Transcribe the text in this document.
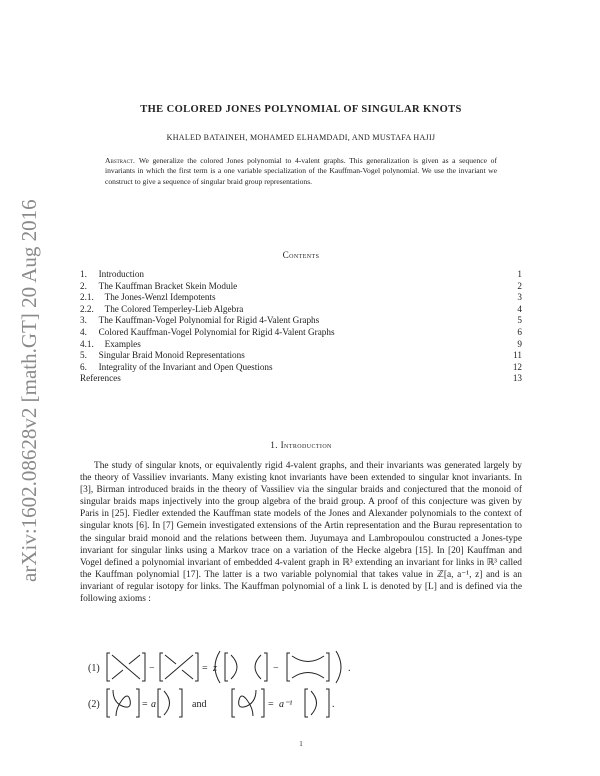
arXiv:1602.08628v2 [math.GT] 20 Aug 2016
THE COLORED JONES POLYNOMIAL OF SINGULAR KNOTS
KHALED BATAINEH, MOHAMED ELHAMDADI, AND MUSTAFA HAJIJ
Abstract. We generalize the colored Jones polynomial to 4-valent graphs. This generalization is given as a sequence of invariants in which the first term is a one variable specialization of the Kauffman-Vogel polynomial. We use the invariant we construct to give a sequence of singular braid group representations.
Contents
1. Introduction	1
2. The Kauffman Bracket Skein Module	2
2.1. The Jones-Wenzl Idempotents	3
2.2. The Colored Temperley-Lieb Algebra	4
3. The Kauffman-Vogel Polynomial for Rigid 4-Valent Graphs	5
4. Colored Kauffman-Vogel Polynomial for Rigid 4-Valent Graphs	6
4.1. Examples	9
5. Singular Braid Monoid Representations	11
6. Integrality of the Invariant and Open Questions	12
References	13
1. Introduction

The study of singular knots, or equivalently rigid 4-valent graphs, and their invariants was generated largely by the theory of Vassiliev invariants. Many existing knot invariants have been extended to singular knot invariants. In [3], Birman introduced braids in the theory of Vassiliev via the singular braids and conjectured that the monoid of singular braids maps injectively into the group algebra of the braid group. A proof of this conjecture was given by Paris in [25]. Fiedler extended the Kauffman state models of the Jones and Alexander polynomials to the context of singular knots [6]. In [7] Gemein investigated extensions of the Artin representation and the Burau representation to the singular braid monoid and the relations between them. Juyumaya and Lambropoulou constructed a Jones-type invariant for singular links using a Markov trace on a variation of the Hecke algebra [15]. In [20] Kauffman and Vogel defined a polynomial invariant of embedded 4-valent graph in ℝ³ extending an invariant for links in ℝ³ called the Kauffman polynomial [17]. The latter is a two variable polynomial that takes value in ℤ[a, a⁻¹, z] and is an invariant of regular isotopy for links. The Kauffman polynomial of a link L is denoted by [L] and is defined via the following axioms :

(1)	−	= z	−	.
(2)	= a	and	= a⁻¹	.
1
